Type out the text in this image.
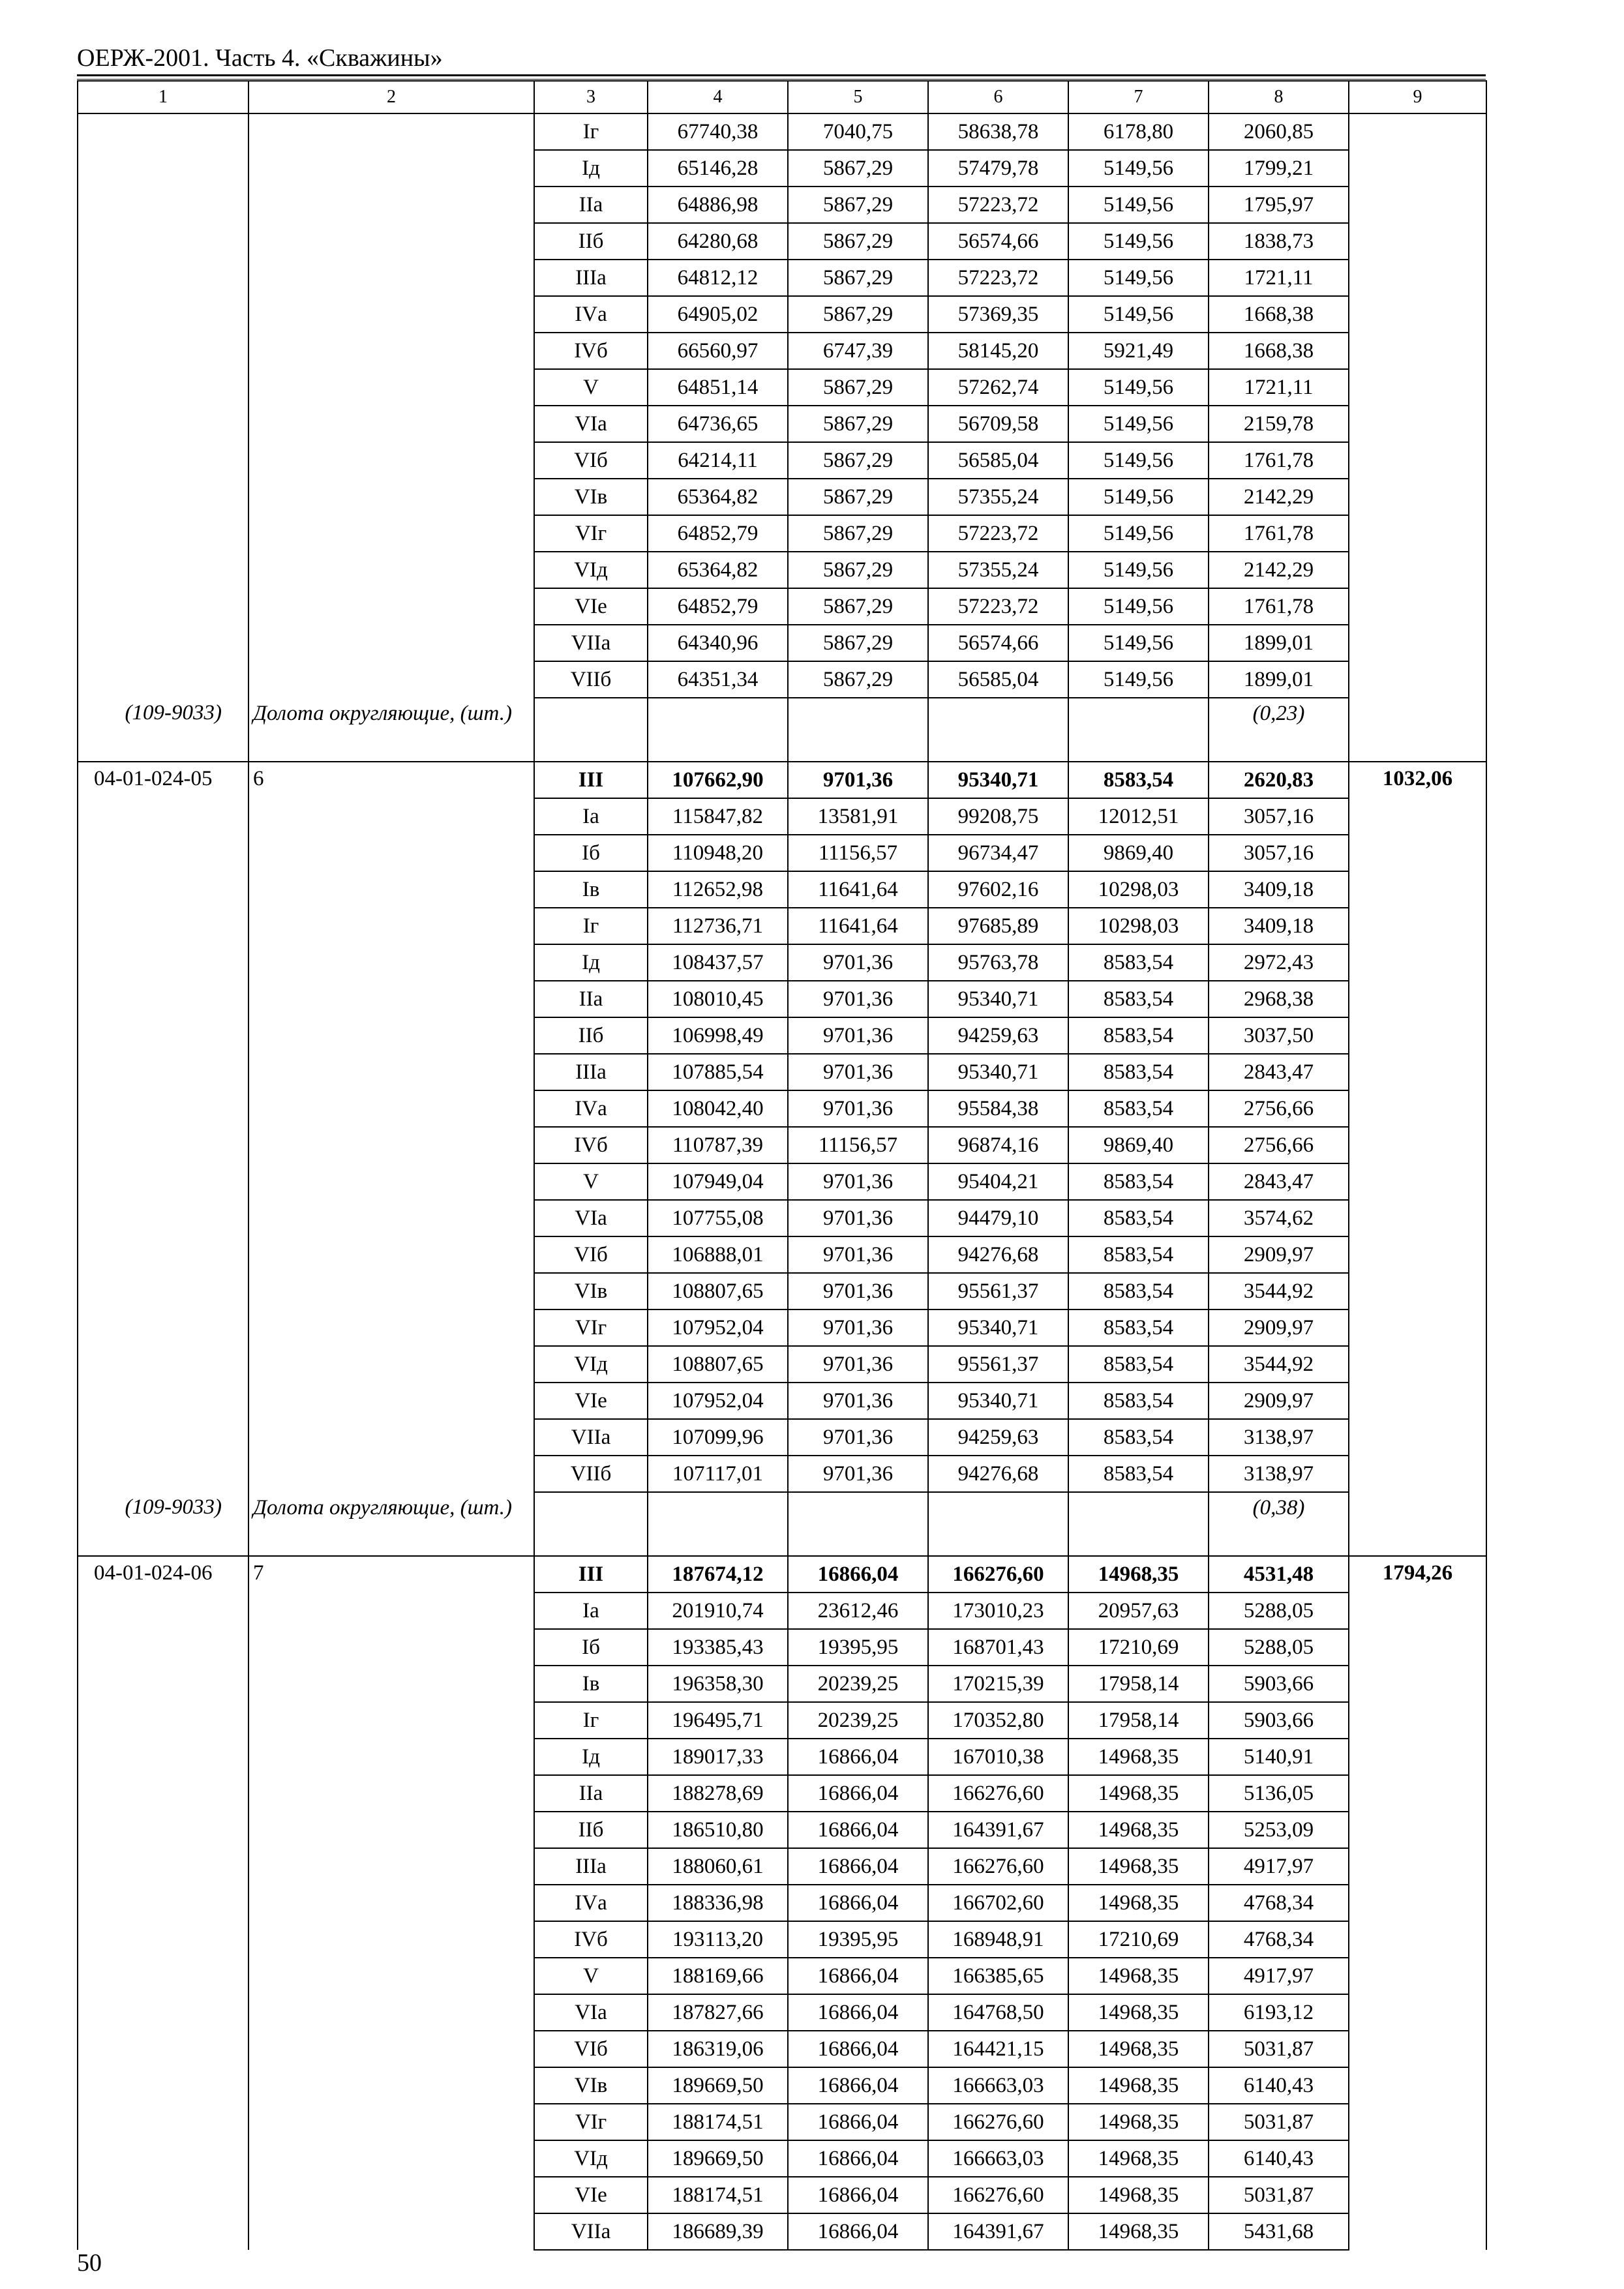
ОЕРЖ-2001. Часть 4. «Скважины»
1	2	3	4	5	6	7	8	9
		Iг	67740,38	7040,75	58638,78	6178,80	2060,85	
		Iд	65146,28	5867,29	57479,78	5149,56	1799,21	
		IIа	64886,98	5867,29	57223,72	5149,56	1795,97	
		IIб	64280,68	5867,29	56574,66	5149,56	1838,73	
		IIIа	64812,12	5867,29	57223,72	5149,56	1721,11	
		IVа	64905,02	5867,29	57369,35	5149,56	1668,38	
		IVб	66560,97	6747,39	58145,20	5921,49	1668,38	
		V	64851,14	5867,29	57262,74	5149,56	1721,11	
		VIа	64736,65	5867,29	56709,58	5149,56	2159,78	
		VIб	64214,11	5867,29	56585,04	5149,56	1761,78	
		VIв	65364,82	5867,29	57355,24	5149,56	2142,29	
		VIг	64852,79	5867,29	57223,72	5149,56	1761,78	
		VIд	65364,82	5867,29	57355,24	5149,56	2142,29	
		VIе	64852,79	5867,29	57223,72	5149,56	1761,78	
		VIIа	64340,96	5867,29	56574,66	5149,56	1899,01	
		VIIб	64351,34	5867,29	56585,04	5149,56	1899,01	
(109-9033)	Долота округляющие, (шт.)						(0,23)	
04-01-024-05	6	III	107662,90	9701,36	95340,71	8583,54	2620,83	1032,06
		Iа	115847,82	13581,91	99208,75	12012,51	3057,16	
		Iб	110948,20	11156,57	96734,47	9869,40	3057,16	
		Iв	112652,98	11641,64	97602,16	10298,03	3409,18	
		Iг	112736,71	11641,64	97685,89	10298,03	3409,18	
		Iд	108437,57	9701,36	95763,78	8583,54	2972,43	
		IIа	108010,45	9701,36	95340,71	8583,54	2968,38	
		IIб	106998,49	9701,36	94259,63	8583,54	3037,50	
		IIIа	107885,54	9701,36	95340,71	8583,54	2843,47	
		IVа	108042,40	9701,36	95584,38	8583,54	2756,66	
		IVб	110787,39	11156,57	96874,16	9869,40	2756,66	
		V	107949,04	9701,36	95404,21	8583,54	2843,47	
		VIа	107755,08	9701,36	94479,10	8583,54	3574,62	
		VIб	106888,01	9701,36	94276,68	8583,54	2909,97	
		VIв	108807,65	9701,36	95561,37	8583,54	3544,92	
		VIг	107952,04	9701,36	95340,71	8583,54	2909,97	
		VIд	108807,65	9701,36	95561,37	8583,54	3544,92	
		VIе	107952,04	9701,36	95340,71	8583,54	2909,97	
		VIIа	107099,96	9701,36	94259,63	8583,54	3138,97	
		VIIб	107117,01	9701,36	94276,68	8583,54	3138,97	
(109-9033)	Долота округляющие, (шт.)						(0,38)	
04-01-024-06	7	III	187674,12	16866,04	166276,60	14968,35	4531,48	1794,26
		Iа	201910,74	23612,46	173010,23	20957,63	5288,05	
		Iб	193385,43	19395,95	168701,43	17210,69	5288,05	
		Iв	196358,30	20239,25	170215,39	17958,14	5903,66	
		Iг	196495,71	20239,25	170352,80	17958,14	5903,66	
		Iд	189017,33	16866,04	167010,38	14968,35	5140,91	
		IIа	188278,69	16866,04	166276,60	14968,35	5136,05	
		IIб	186510,80	16866,04	164391,67	14968,35	5253,09	
		IIIа	188060,61	16866,04	166276,60	14968,35	4917,97	
		IVа	188336,98	16866,04	166702,60	14968,35	4768,34	
		IVб	193113,20	19395,95	168948,91	17210,69	4768,34	
		V	188169,66	16866,04	166385,65	14968,35	4917,97	
		VIа	187827,66	16866,04	164768,50	14968,35	6193,12	
		VIб	186319,06	16866,04	164421,15	14968,35	5031,87	
		VIв	189669,50	16866,04	166663,03	14968,35	6140,43	
		VIг	188174,51	16866,04	166276,60	14968,35	5031,87	
		VIд	189669,50	16866,04	166663,03	14968,35	6140,43	
		VIе	188174,51	16866,04	166276,60	14968,35	5031,87	
		VIIа	186689,39	16866,04	164391,67	14968,35	5431,68	
50
